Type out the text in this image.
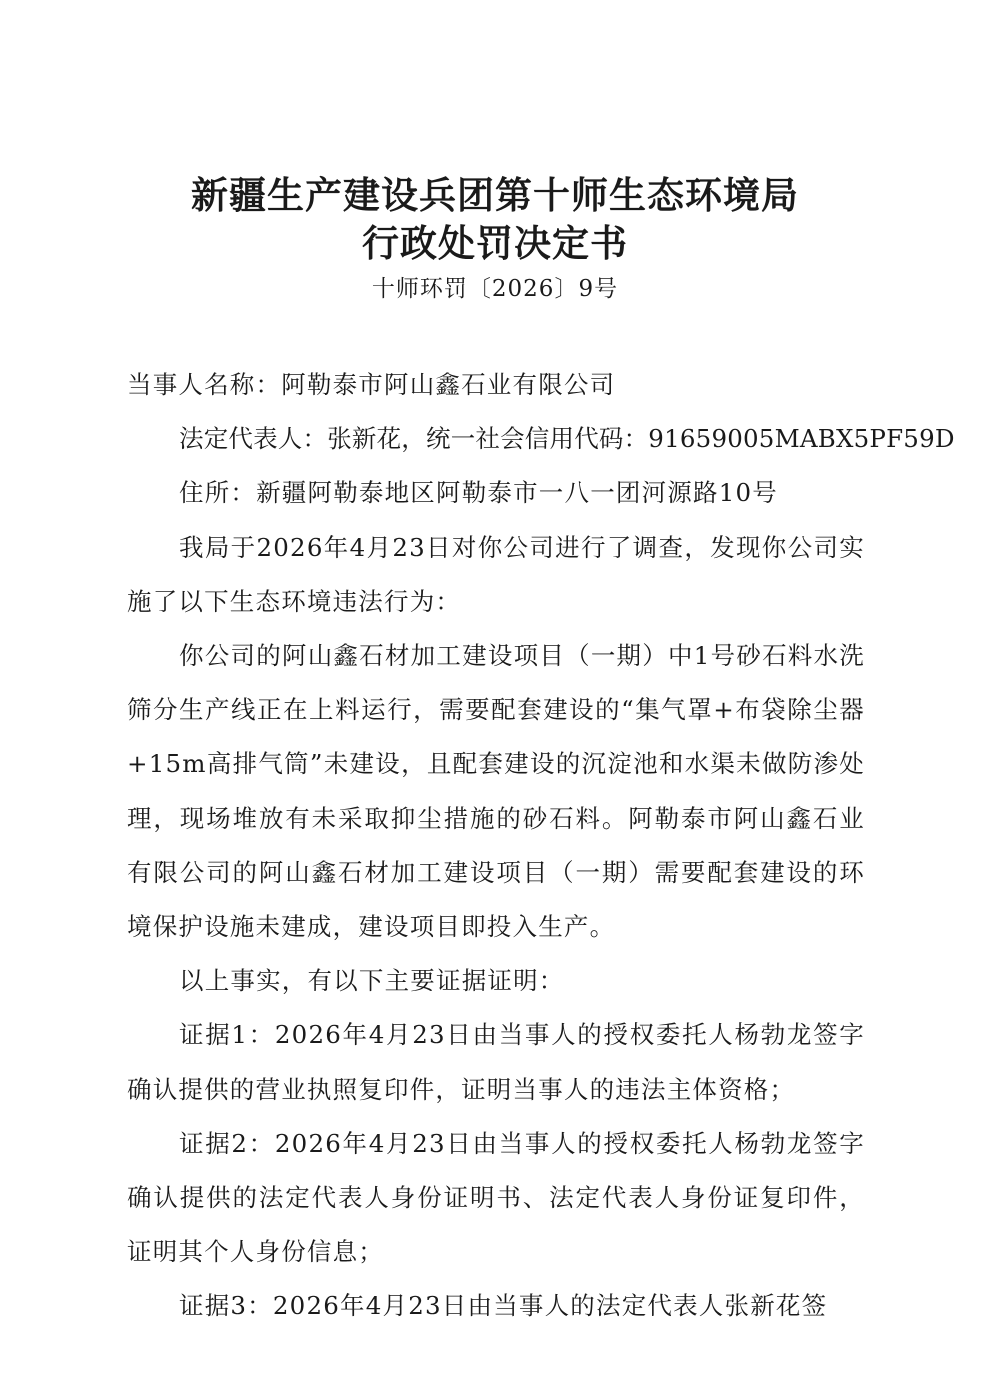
新疆生产建设兵团第十师生态环境局
行政处罚决定书
十师环罚〔2026〕9号

当事人名称：阿勒泰市阿山鑫石业有限公司

法定代表人：张新花，统一社会信用代码：91659005MABX5PF59D

住所：新疆阿勒泰地区阿勒泰市一八一团河源路10号

我局于2026年4月23日对你公司进行了调查，发现你公司实施了以下生态环境违法行为：

你公司的阿山鑫石材加工建设项目（一期）中1号砂石料水洗筛分生产线正在上料运行，需要配套建设的“集气罩+布袋除尘器+15m高排气筒”未建设，且配套建设的沉淀池和水渠未做防渗处理，现场堆放有未采取抑尘措施的砂石料。阿勒泰市阿山鑫石业有限公司的阿山鑫石材加工建设项目（一期）需要配套建设的环境保护设施未建成，建设项目即投入生产。

以上事实，有以下主要证据证明：

证据1：2026年4月23日由当事人的授权委托人杨勃龙签字确认提供的营业执照复印件，证明当事人的违法主体资格；

证据2：2026年4月23日由当事人的授权委托人杨勃龙签字确认提供的法定代表人身份证明书、法定代表人身份证复印件，证明其个人身份信息；

证据3：2026年4月23日由当事人的法定代表人张新花签
